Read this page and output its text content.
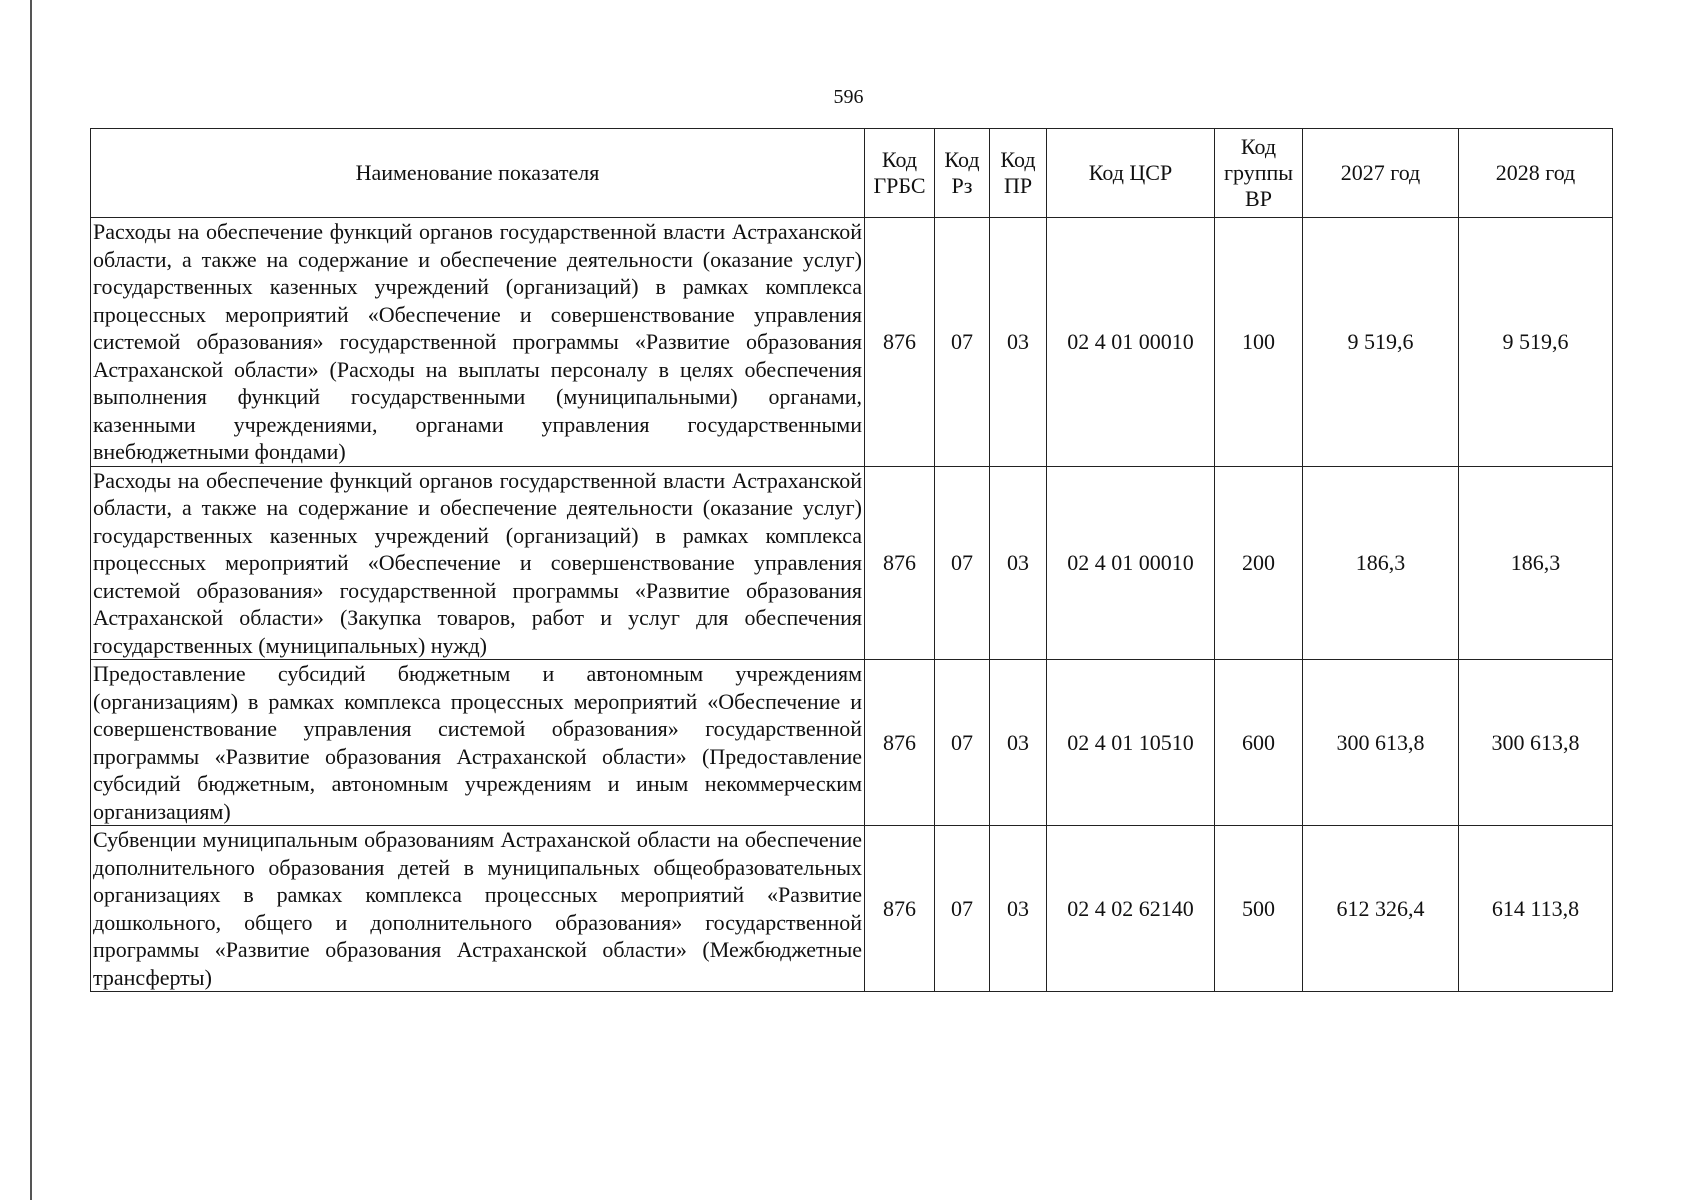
596
Наименование показателя	Код ГРБС	Код Рз	Код ПР	Код ЦСР	Код группы ВР	2027 год	2028 год
Расходы на обеспечение функций органов государственной власти Астраханской области, а также на содержание и обеспечение деятельности (оказание услуг) государственных казенных учреждений (организаций) в рамках комплекса процессных мероприятий «Обеспечение и совершенствование управления системой образования» государственной программы «Развитие образования Астраханской области» (Расходы на выплаты персоналу в целях обеспечения выполнения функций государственными (муниципальными) органами, казенными учреждениями, органами управления государственными внебюджетными фондами)	876	07	03	02 4 01 00010	100	9 519,6	9 519,6
Расходы на обеспечение функций органов государственной власти Астраханской области, а также на содержание и обеспечение деятельности (оказание услуг) государственных казенных учреждений (организаций) в рамках комплекса процессных мероприятий «Обеспечение и совершенствование управления системой образования» государственной программы «Развитие образования Астраханской области» (Закупка товаров, работ и услуг для обеспечения государственных (муниципальных) нужд)	876	07	03	02 4 01 00010	200	186,3	186,3
Предоставление субсидий бюджетным и автономным учреждениям (организациям) в рамках комплекса процессных мероприятий «Обеспечение и совершенствование управления системой образования» государственной программы «Развитие образования Астраханской области» (Предоставление субсидий бюджетным, автономным учреждениям и иным некоммерческим организациям)	876	07	03	02 4 01 10510	600	300 613,8	300 613,8
Субвенции муниципальным образованиям Астраханской области на обеспечение дополнительного образования детей в муниципальных общеобразовательных организациях в рамках комплекса процессных мероприятий «Развитие дошкольного, общего и дополнительного образования» государственной программы «Развитие образования Астраханской области» (Межбюджетные трансферты)	876	07	03	02 4 02 62140	500	612 326,4	614 113,8
